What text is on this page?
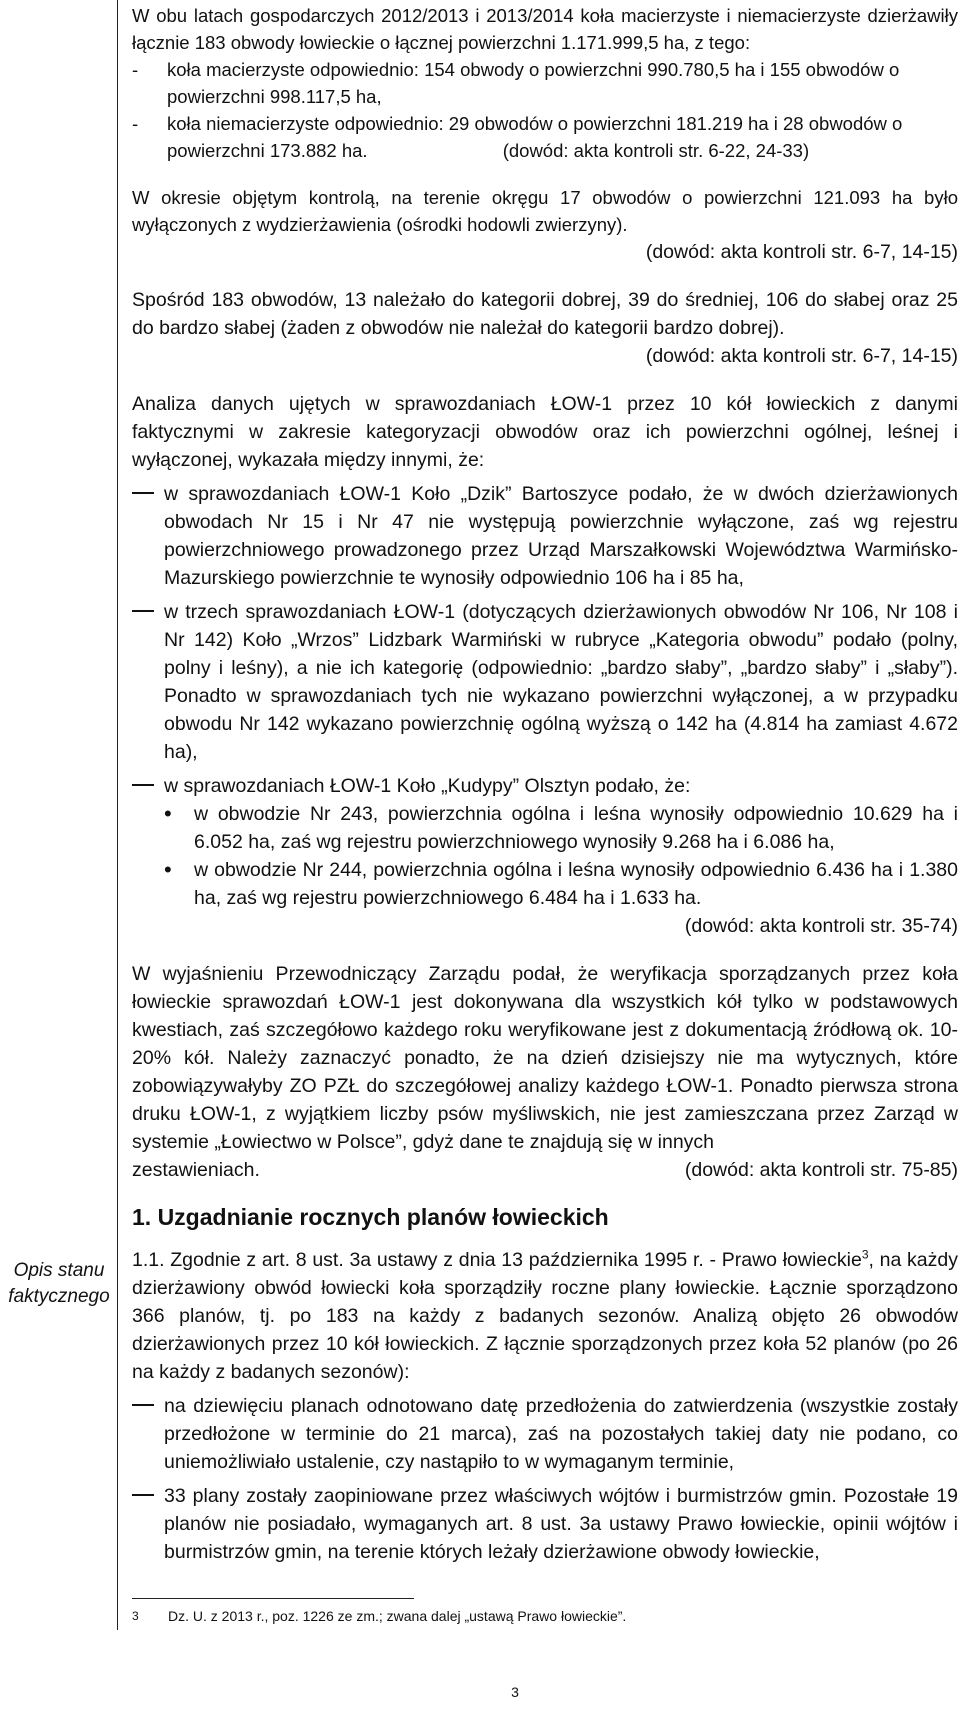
Opis stanu faktycznego

W obu latach gospodarczych 2012/2013 i 2013/2014 koła macierzyste i niemacierzyste dzierżawiły łącznie 183 obwody łowieckie o łącznej powierzchni 1.171.999,5 ha, z tego:

-	koła macierzyste odpowiednio: 154 obwody o powierzchni 990.780,5 ha i 155 obwodów o powierzchni 998.117,5 ha,
-	koła niemacierzyste odpowiednio: 29 obwodów o powierzchni 181.219 ha i 28 obwodów o powierzchni 173.882 ha.	(dowód: akta kontroli str. 6-22, 24-33)

W okresie objętym kontrolą, na terenie okręgu 17 obwodów o powierzchni 121.093 ha było wyłączonych z wydzierżawienia (ośrodki hodowli zwierzyny).

(dowód: akta kontroli str. 6-7, 14-15)

Spośród 183 obwodów, 13 należało do kategorii dobrej, 39 do średniej, 106 do słabej oraz 25 do bardzo słabej (żaden z obwodów nie należał do kategorii bardzo dobrej).

(dowód: akta kontroli str. 6-7, 14-15)

Analiza danych ujętych w sprawozdaniach ŁOW-1 przez 10 kół łowieckich z danymi faktycznymi w zakresie kategoryzacji obwodów oraz ich powierzchni ogólnej, leśnej i wyłączonej, wykazała między innymi, że:

w sprawozdaniach ŁOW-1 Koło „Dzik” Bartoszyce podało, że w dwóch dzierżawionych obwodach Nr 15 i Nr 47 nie występują powierzchnie wyłączone, zaś wg rejestru powierzchniowego prowadzonego przez Urząd Marszałkowski Województwa Warmińsko-Mazurskiego powierzchnie te wynosiły odpowiednio 106 ha i 85 ha,
w trzech sprawozdaniach ŁOW-1 (dotyczących dzierżawionych obwodów Nr 106, Nr 108 i Nr 142) Koło „Wrzos” Lidzbark Warmiński w rubryce „Kategoria obwodu” podało (polny, polny i leśny), a nie ich kategorię (odpowiednio: „bardzo słaby”, „bardzo słaby” i „słaby”). Ponadto w sprawozdaniach tych nie wykazano powierzchni wyłączonej, a w przypadku obwodu Nr 142 wykazano powierzchnię ogólną wyższą o 142 ha (4.814 ha zamiast 4.672 ha),
w sprawozdaniach ŁOW-1 Koło „Kudypy” Olsztyn podało, że:
•	w obwodzie Nr 243, powierzchnia ogólna i leśna wynosiły odpowiednio 10.629 ha i 6.052 ha, zaś wg rejestru powierzchniowego wynosiły 9.268 ha i 6.086 ha,
•	w obwodzie Nr 244, powierzchnia ogólna i leśna wynosiły odpowiednio 6.436 ha i 1.380 ha, zaś wg rejestru powierzchniowego 6.484 ha i 1.633 ha.

(dowód: akta kontroli str. 35-74)

W wyjaśnieniu Przewodniczący Zarządu podał, że weryfikacja sporządzanych przez koła łowieckie sprawozdań ŁOW-1 jest dokonywana dla wszystkich kół tylko w podstawowych kwestiach, zaś szczegółowo każdego roku weryfikowane jest z dokumentacją źródłową ok. 10-20% kół. Należy zaznaczyć ponadto, że na dzień dzisiejszy nie ma wytycznych, które zobowiązywałyby ZO PZŁ do szczegółowej analizy każdego ŁOW-1. Ponadto pierwsza strona druku ŁOW-1, z wyjątkiem liczby psów myśliwskich, nie jest zamieszczana przez Zarząd w systemie „Łowiectwo w Polsce”, gdyż dane te znajdują się w innych

zestawieniach.	(dowód: akta kontroli str. 75-85)

1. Uzgadnianie rocznych planów łowieckich

1.1. Zgodnie z art. 8 ust. 3a ustawy z dnia 13 października 1995 r. - Prawo łowieckie$^3$, na każdy dzierżawiony obwód łowiecki koła sporządziły roczne plany łowieckie. Łącznie sporządzono 366 planów, tj. po 183 na każdy z badanych sezonów. Analizą objęto 26 obwodów dzierżawionych przez 10 kół łowieckich. Z łącznie sporządzonych przez koła 52 planów (po 26 na każdy z badanych sezonów):

na dziewięciu planach odnotowano datę przedłożenia do zatwierdzenia (wszystkie zostały przedłożone w terminie do 21 marca), zaś na pozostałych takiej daty nie podano, co uniemożliwiało ustalenie, czy nastąpiło to w wymaganym terminie,
33 plany zostały zaopiniowane przez właściwych wójtów i burmistrzów gmin. Pozostałe 19 planów nie posiadało, wymaganych art. 8 ust. 3a ustawy Prawo łowieckie, opinii wójtów i burmistrzów gmin, na terenie których leżały dzierżawione obwody łowieckie,
3	Dz. U. z 2013 r., poz. 1226 ze zm.; zwana dalej „ustawą Prawo łowieckie”.
3
